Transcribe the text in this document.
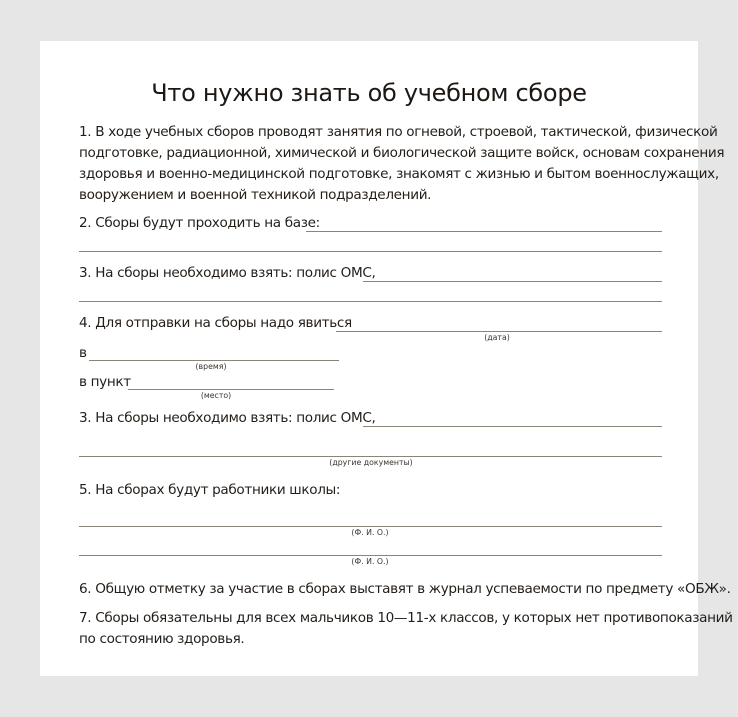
Что нужно знать об учебном сборе
1. В ходе учебных сборов проводят занятия по огневой, строевой, тактической, физической
подготовке, радиационной, химической и биологической защите войск, основам сохранения
здоровья и военно-медицинской подготовке, знакомят с жизнью и бытом военнослужащих,
вооружением и военной техникой подразделений.
2. Сборы будут проходить на базе:
3. На сборы необходимо взять: полис ОМС,
4. Для отправки на сборы надо явиться
(дата)
в
(время)
в пункт
(место)
3. На сборы необходимо взять: полис ОМС,
(другие документы)
5. На сборах будут работники школы:
(Ф. И. О.)
(Ф. И. О.)
6. Общую отметку за участие в сборах выставят в журнал успеваемости по предмету «ОБЖ».
7. Сборы обязательны для всех мальчиков 10—11-х классов, у которых нет противопоказаний
по состоянию здоровья.
